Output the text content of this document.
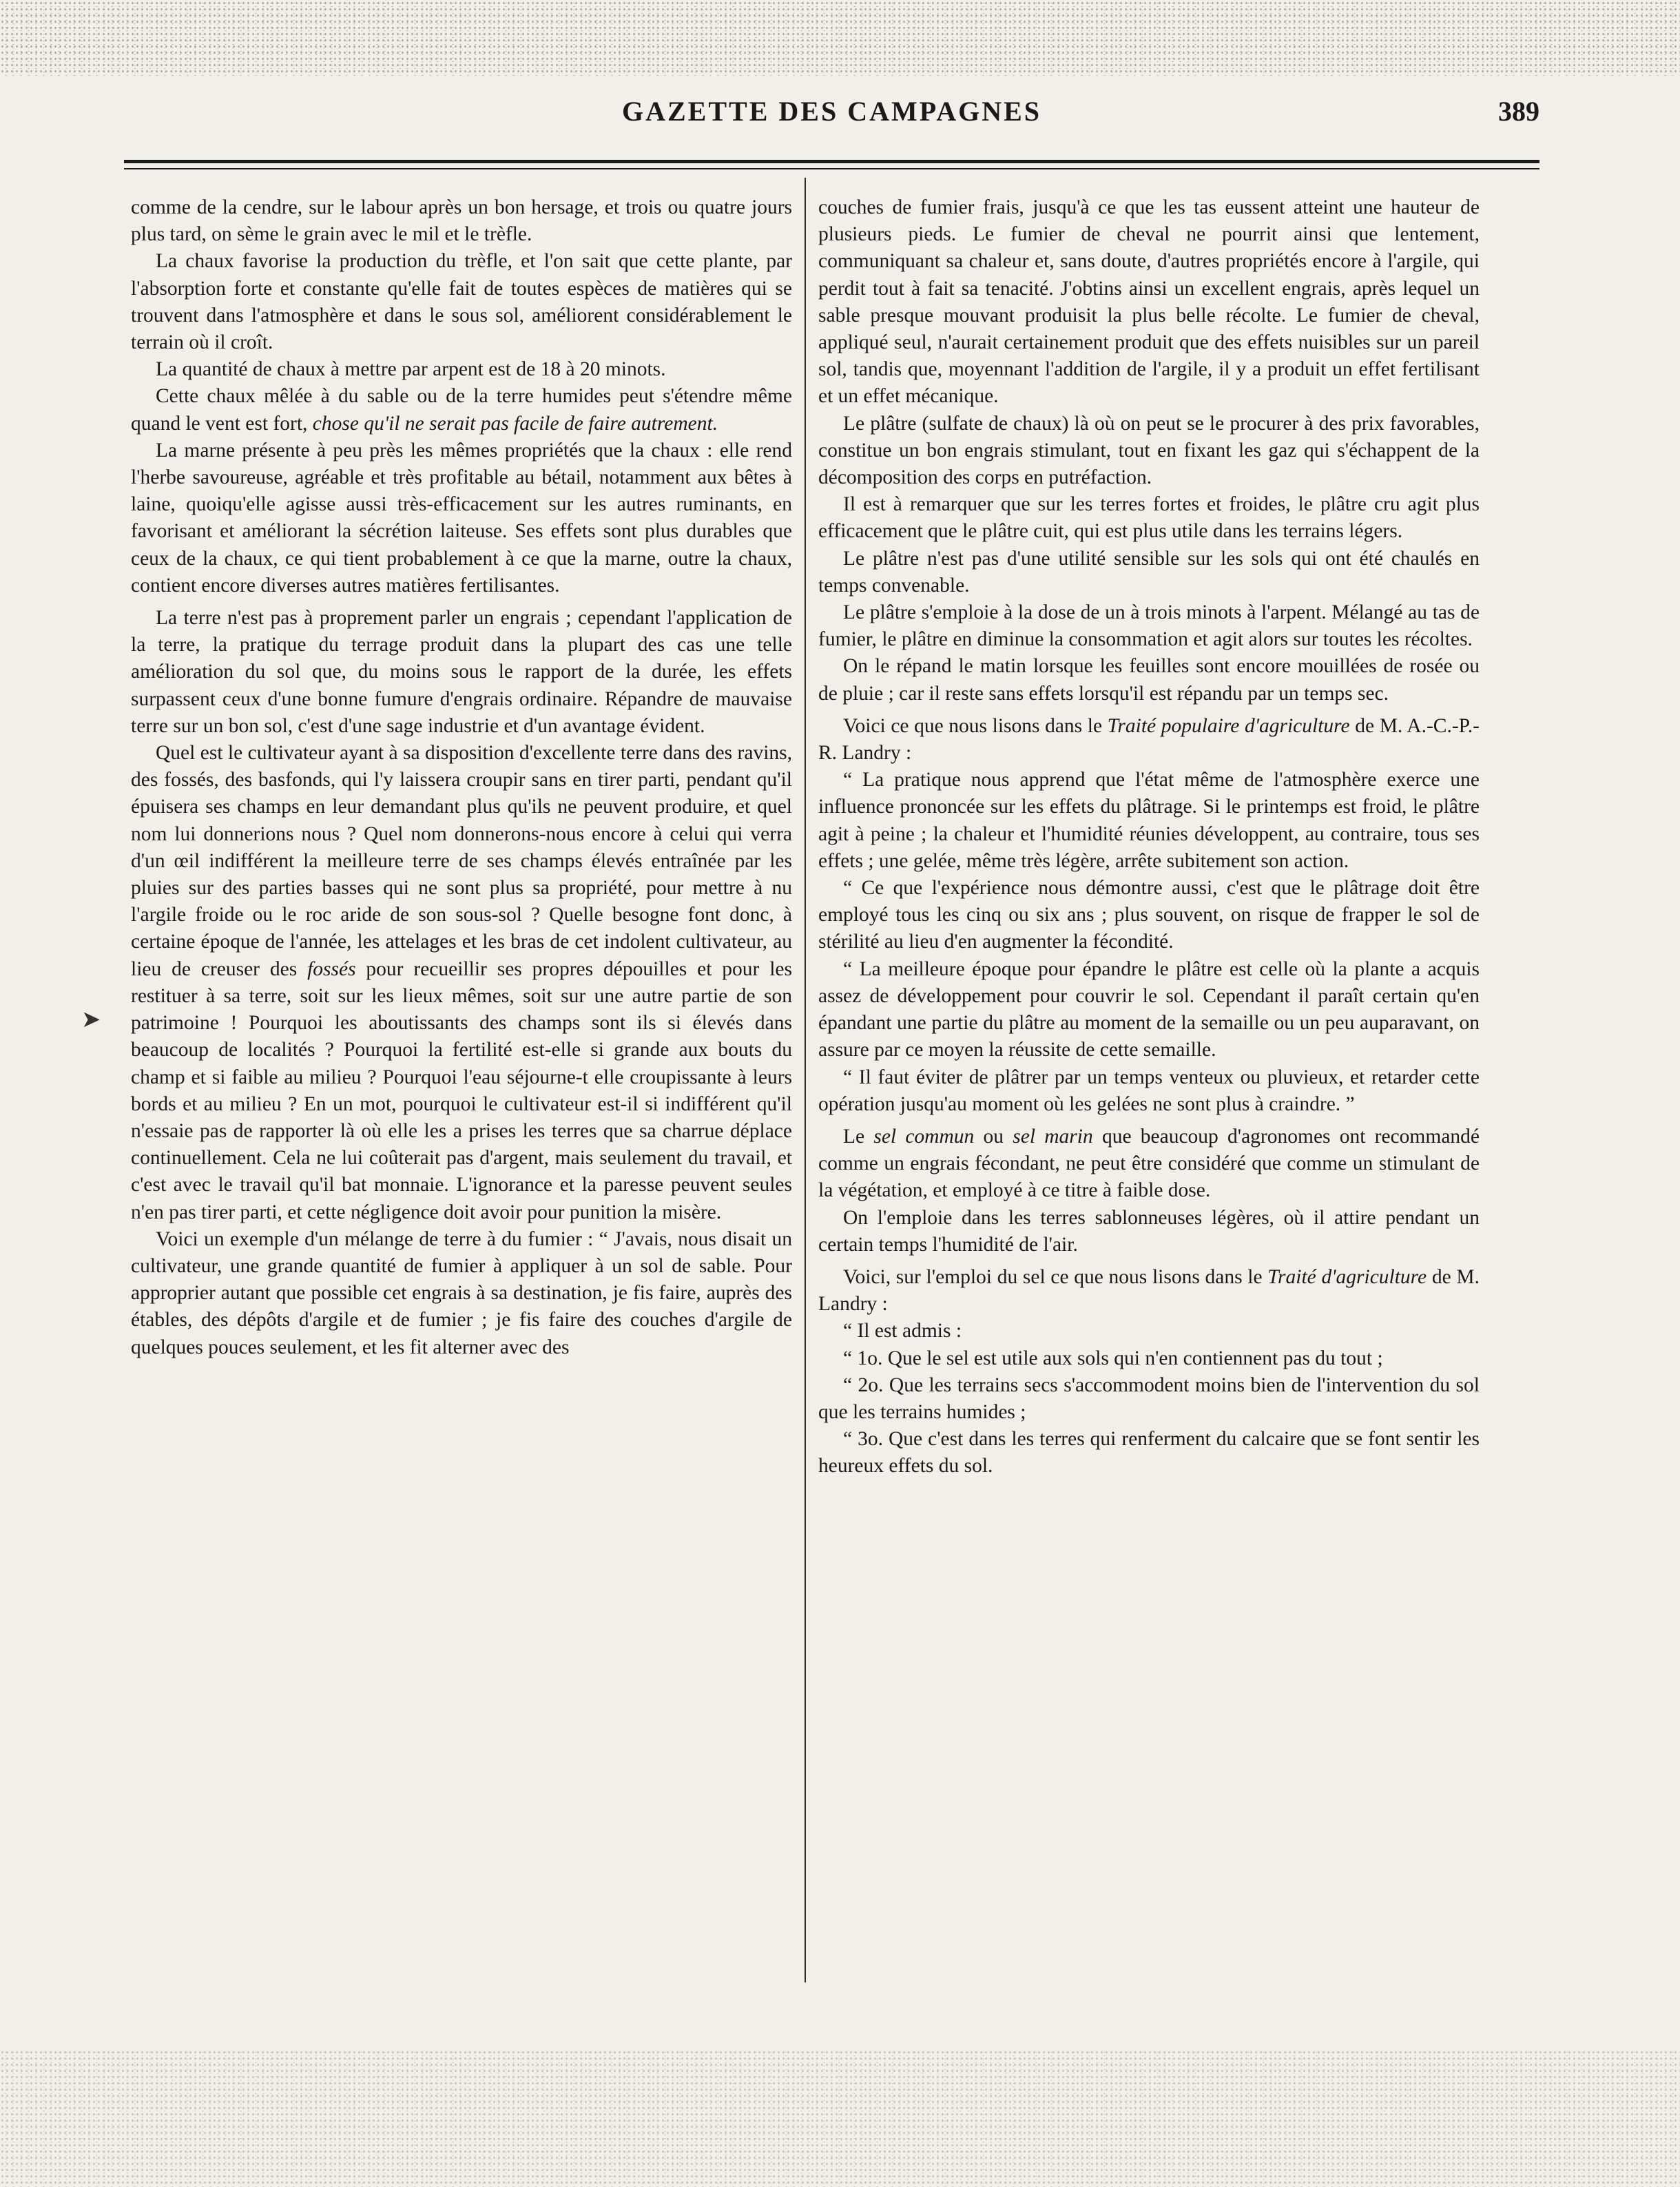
GAZETTE DES CAMPAGNES	389
➤

comme de la cendre, sur le labour après un bon hersage, et trois ou quatre jours plus tard, on sème le grain avec le mil et le trèfle.

La chaux favorise la production du trèfle, et l'on sait que cette plante, par l'absorption forte et constante qu'elle fait de toutes espèces de matières qui se trouvent dans l'atmosphère et dans le sous sol, améliorent considérablement le terrain où il croît.

La quantité de chaux à mettre par arpent est de 18 à 20 minots.

Cette chaux mêlée à du sable ou de la terre humides peut s'étendre même quand le vent est fort, chose qu'il ne serait pas facile de faire autrement.

La marne présente à peu près les mêmes propriétés que la chaux : elle rend l'herbe savoureuse, agréable et très profitable au bétail, notamment aux bêtes à laine, quoiqu'elle agisse aussi très-efficacement sur les autres ruminants, en favorisant et améliorant la sécrétion laiteuse. Ses effets sont plus durables que ceux de la chaux, ce qui tient probablement à ce que la marne, outre la chaux, contient encore diverses autres matières fertilisantes.

La terre n'est pas à proprement parler un engrais ; cependant l'application de la terre, la pratique du terrage produit dans la plupart des cas une telle amélioration du sol que, du moins sous le rapport de la durée, les effets surpassent ceux d'une bonne fumure d'engrais ordinaire. Répandre de mauvaise terre sur un bon sol, c'est d'une sage industrie et d'un avantage évident.

Quel est le cultivateur ayant à sa disposition d'excellente terre dans des ravins, des fossés, des basfonds, qui l'y laissera croupir sans en tirer parti, pendant qu'il épuisera ses champs en leur demandant plus qu'ils ne peuvent produire, et quel nom lui donnerions nous ? Quel nom donnerons-nous encore à celui qui verra d'un œil indifférent la meilleure terre de ses champs élevés entraînée par les pluies sur des parties basses qui ne sont plus sa propriété, pour mettre à nu l'argile froide ou le roc aride de son sous-sol ? Quelle besogne font donc, à certaine époque de l'année, les attelages et les bras de cet indolent cultivateur, au lieu de creuser des fossés pour recueillir ses propres dépouilles et pour les restituer à sa terre, soit sur les lieux mêmes, soit sur une autre partie de son patrimoine ! Pourquoi les aboutissants des champs sont ils si élevés dans beaucoup de localités ? Pourquoi la fertilité est-elle si grande aux bouts du champ et si faible au milieu ? Pourquoi l'eau séjourne-t elle croupissante à leurs bords et au milieu ? En un mot, pourquoi le cultivateur est-il si indifférent qu'il n'essaie pas de rapporter là où elle les a prises les terres que sa charrue déplace continuellement. Cela ne lui coûterait pas d'argent, mais seulement du travail, et c'est avec le travail qu'il bat monnaie. L'ignorance et la paresse peuvent seules n'en pas tirer parti, et cette négligence doit avoir pour punition la misère.

Voici un exemple d'un mélange de terre à du fumier : “ J'avais, nous disait un cultivateur, une grande quantité de fumier à appliquer à un sol de sable. Pour approprier autant que possible cet engrais à sa destination, je fis faire, auprès des étables, des dépôts d'argile et de fumier ; je fis faire des couches d'argile de quelques pouces seulement, et les fit alterner avec des

couches de fumier frais, jusqu'à ce que les tas eussent atteint une hauteur de plusieurs pieds. Le fumier de cheval ne pourrit ainsi que lentement, communiquant sa chaleur et, sans doute, d'autres propriétés encore à l'argile, qui perdit tout à fait sa tenacité. J'obtins ainsi un excellent engrais, après lequel un sable presque mouvant produisit la plus belle récolte. Le fumier de cheval, appliqué seul, n'aurait certainement produit que des effets nuisibles sur un pareil sol, tandis que, moyennant l'addition de l'argile, il y a produit un effet fertilisant et un effet mécanique.

Le plâtre (sulfate de chaux) là où on peut se le procurer à des prix favorables, constitue un bon engrais stimulant, tout en fixant les gaz qui s'échappent de la décomposition des corps en putréfaction.

Il est à remarquer que sur les terres fortes et froides, le plâtre cru agit plus efficacement que le plâtre cuit, qui est plus utile dans les terrains légers.

Le plâtre n'est pas d'une utilité sensible sur les sols qui ont été chaulés en temps convenable.

Le plâtre s'emploie à la dose de un à trois minots à l'arpent. Mélangé au tas de fumier, le plâtre en diminue la consommation et agit alors sur toutes les récoltes.

On le répand le matin lorsque les feuilles sont encore mouillées de rosée ou de pluie ; car il reste sans effets lorsqu'il est répandu par un temps sec.

Voici ce que nous lisons dans le Traité populaire d'agriculture de M. A.-C.-P.-R. Landry :

“ La pratique nous apprend que l'état même de l'atmosphère exerce une influence prononcée sur les effets du plâtrage. Si le printemps est froid, le plâtre agit à peine ; la chaleur et l'humidité réunies développent, au contraire, tous ses effets ; une gelée, même très légère, arrête subitement son action.

“ Ce que l'expérience nous démontre aussi, c'est que le plâtrage doit être employé tous les cinq ou six ans ; plus souvent, on risque de frapper le sol de stérilité au lieu d'en augmenter la fécondité.

“ La meilleure époque pour épandre le plâtre est celle où la plante a acquis assez de développement pour couvrir le sol. Cependant il paraît certain qu'en épandant une partie du plâtre au moment de la semaille ou un peu auparavant, on assure par ce moyen la réussite de cette semaille.

“ Il faut éviter de plâtrer par un temps venteux ou pluvieux, et retarder cette opération jusqu'au moment où les gelées ne sont plus à craindre. ”

Le sel commun ou sel marin que beaucoup d'agronomes ont recommandé comme un engrais fécondant, ne peut être considéré que comme un stimulant de la végétation, et employé à ce titre à faible dose.

On l'emploie dans les terres sablonneuses légères, où il attire pendant un certain temps l'humidité de l'air.

Voici, sur l'emploi du sel ce que nous lisons dans le Traité d'agriculture de M. Landry :

“ Il est admis :

“ 1o. Que le sel est utile aux sols qui n'en contiennent pas du tout ;

“ 2o. Que les terrains secs s'accommodent moins bien de l'intervention du sol que les terrains humides ;

“ 3o. Que c'est dans les terres qui renferment du calcaire que se font sentir les heureux effets du sol.
